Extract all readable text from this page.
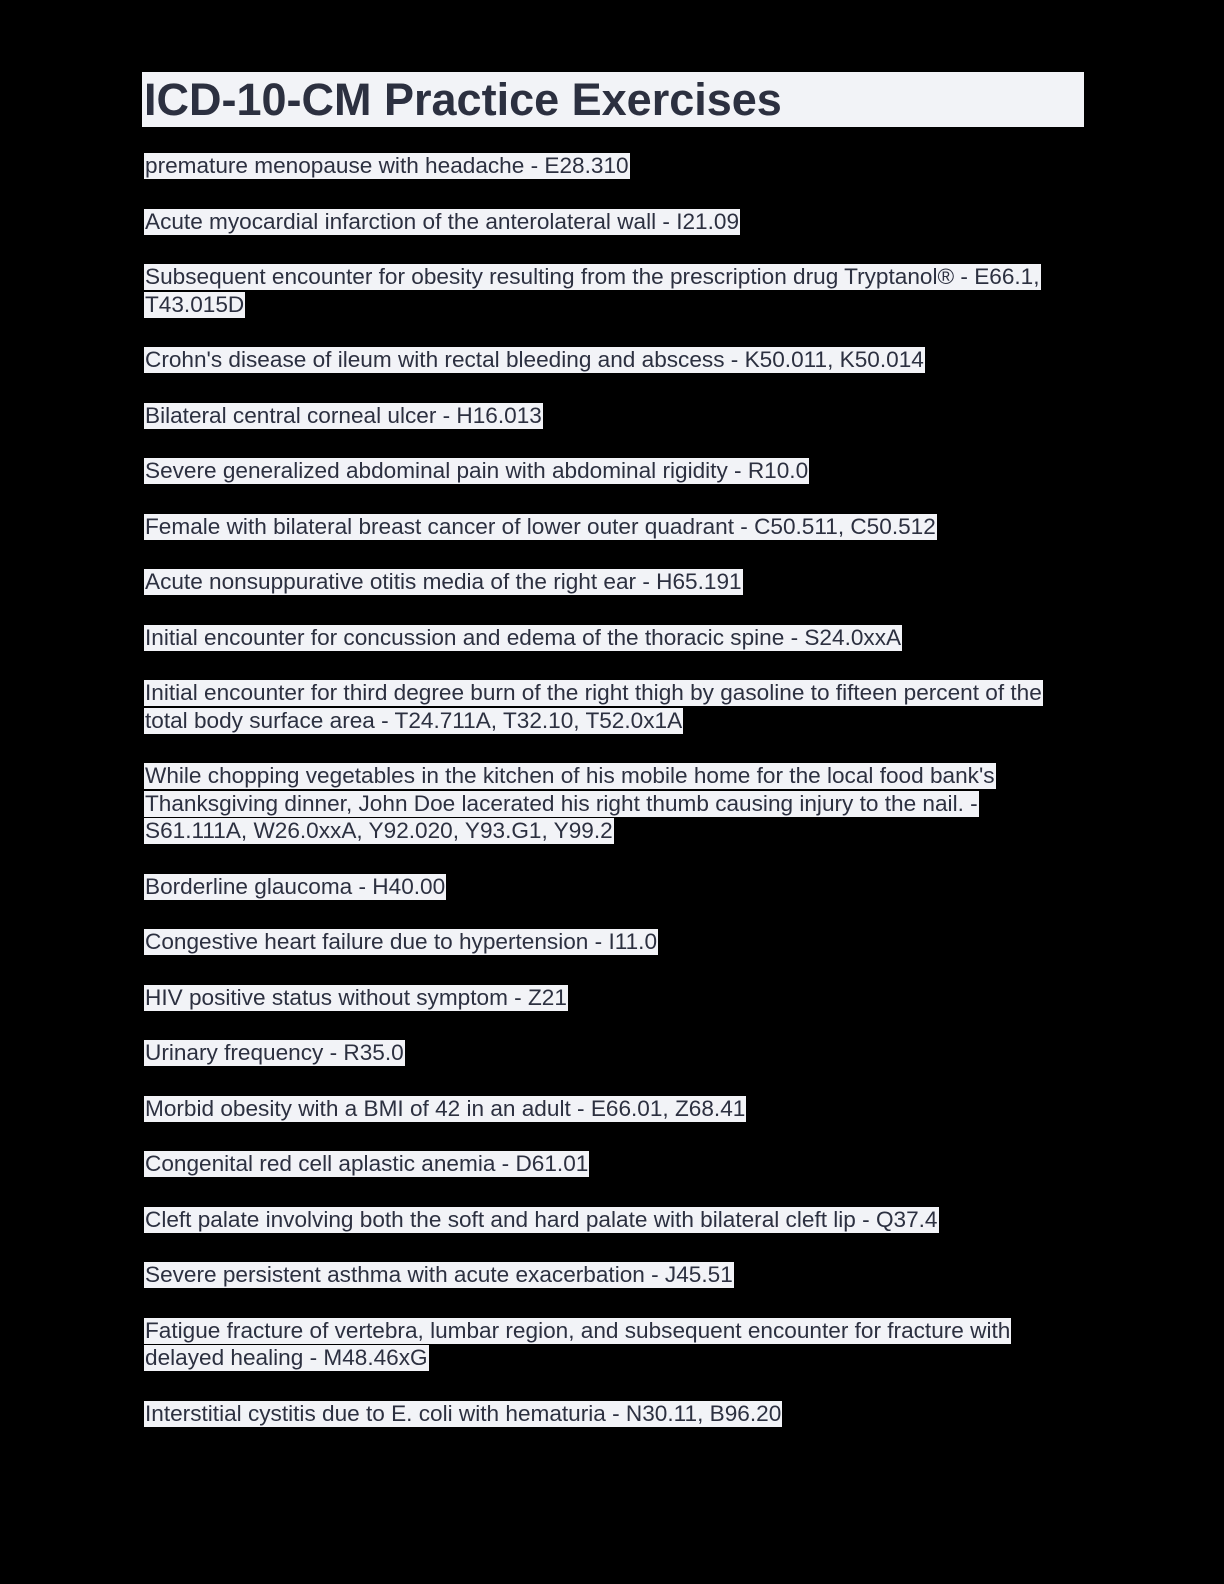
ICD-10-CM Practice Exercises
premature menopause with headache - E28.310
Acute myocardial infarction of the anterolateral wall - I21.09
Subsequent encounter for obesity resulting from the prescription drug Tryptanol® - E66.1, T43.015D
Crohn's disease of ileum with rectal bleeding and abscess - K50.011, K50.014
Bilateral central corneal ulcer - H16.013
Severe generalized abdominal pain with abdominal rigidity - R10.0
Female with bilateral breast cancer of lower outer quadrant - C50.511, C50.512
Acute nonsuppurative otitis media of the right ear - H65.191
Initial encounter for concussion and edema of the thoracic spine - S24.0xxA
Initial encounter for third degree burn of the right thigh by gasoline to fifteen percent of the total body surface area - T24.711A, T32.10, T52.0x1A
While chopping vegetables in the kitchen of his mobile home for the local food bank's Thanksgiving dinner, John Doe lacerated his right thumb causing injury to the nail. - S61.111A, W26.0xxA, Y92.020, Y93.G1, Y99.2
Borderline glaucoma - H40.00
Congestive heart failure due to hypertension - I11.0
HIV positive status without symptom - Z21
Urinary frequency - R35.0
Morbid obesity with a BMI of 42 in an adult - E66.01, Z68.41
Congenital red cell aplastic anemia - D61.01
Cleft palate involving both the soft and hard palate with bilateral cleft lip - Q37.4
Severe persistent asthma with acute exacerbation - J45.51
Fatigue fracture of vertebra, lumbar region, and subsequent encounter for fracture with delayed healing - M48.46xG
Interstitial cystitis due to E. coli with hematuria - N30.11, B96.20
